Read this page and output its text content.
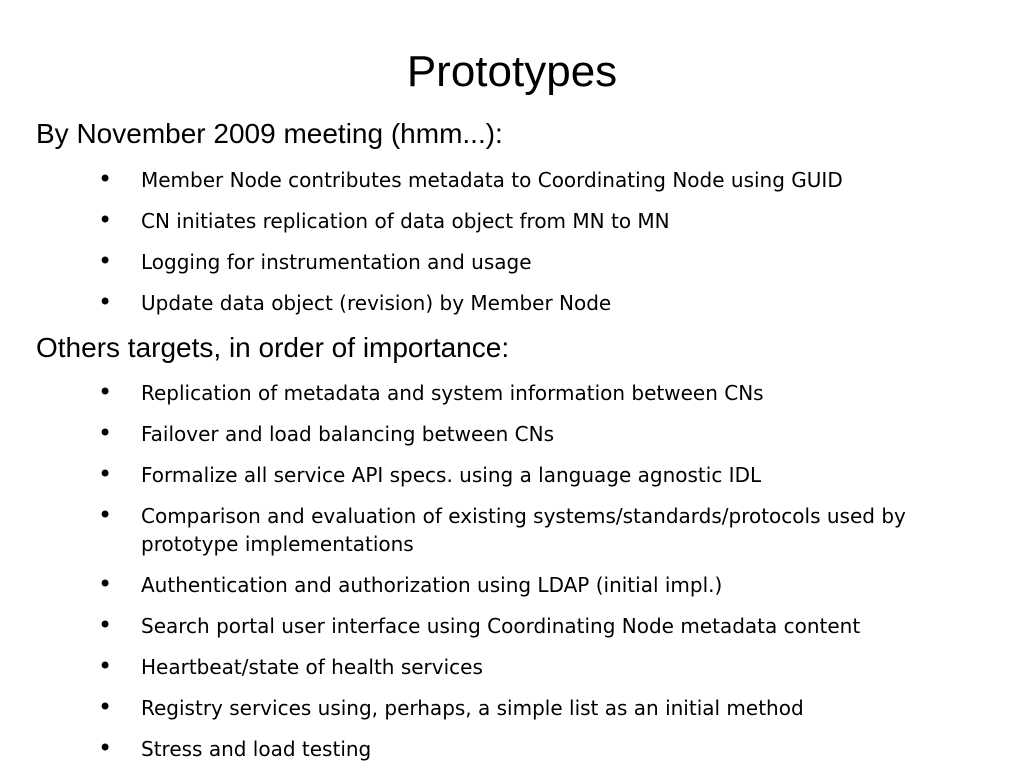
Prototypes
By November 2009 meeting (hmm...):
• Member Node contributes metadata to Coordinating Node using GUID
• CN initiates replication of data object from MN to MN
• Logging for instrumentation and usage
• Update data object (revision) by Member Node
Others targets, in order of importance:
• Replication of metadata and system information between CNs
• Failover and load balancing between CNs
• Formalize all service API specs. using a language agnostic IDL
• Comparison and evaluation of existing systems/standards/protocols used by prototype implementations
• Authentication and authorization using LDAP (initial impl.)
• Search portal user interface using Coordinating Node metadata content
• Heartbeat/state of health services
• Registry services using, perhaps, a simple list as an initial method
• Stress and load testing
